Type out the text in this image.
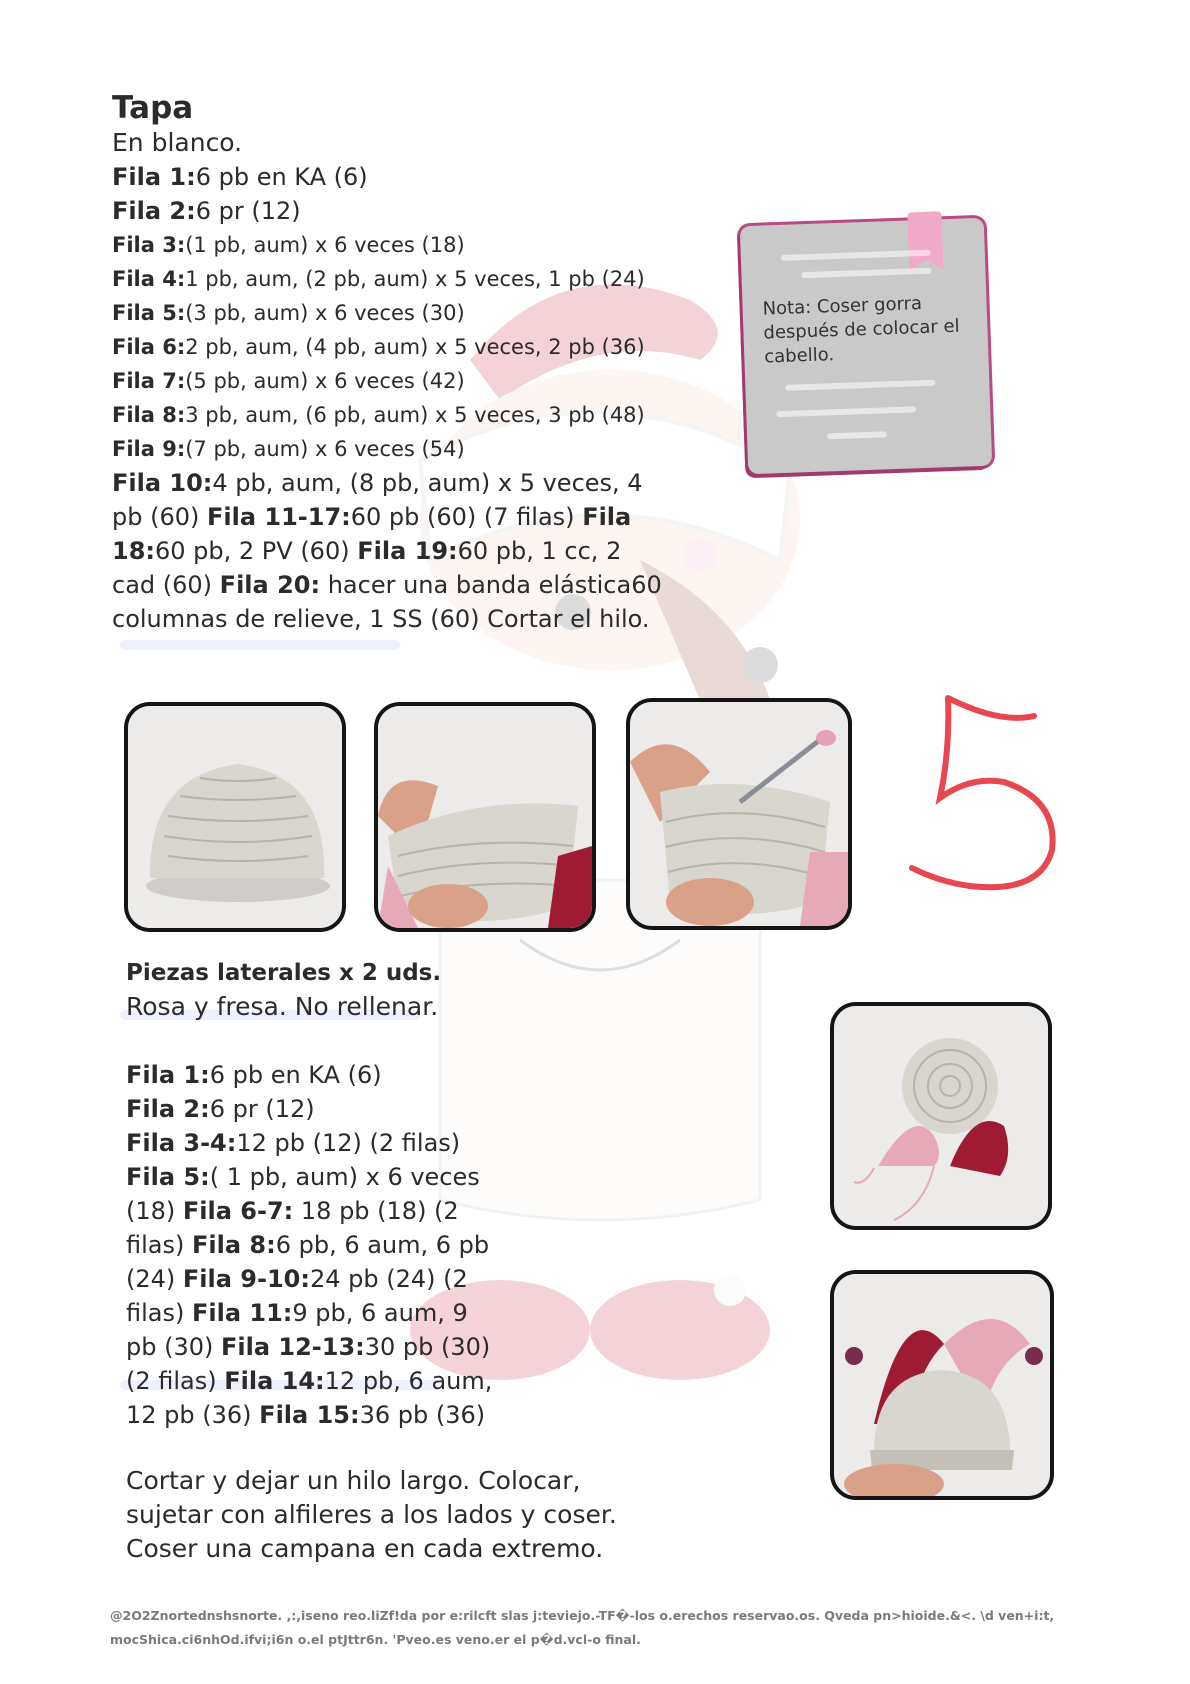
Tapa
En blanco.
Fila 1:6 pb en KA (6)
Fila 2:6 pr (12)
Fila 3:(1 pb, aum) x 6 veces (18)
Fila 4:1 pb, aum, (2 pb, aum) x 5 veces, 1 pb (24)
Fila 5:(3 pb, aum) x 6 veces (30)
Fila 6:2 pb, aum, (4 pb, aum) x 5 veces, 2 pb (36)
Fila 7:(5 pb, aum) x 6 veces (42)
Fila 8:3 pb, aum, (6 pb, aum) x 5 veces, 3 pb (48)
Fila 9:(7 pb, aum) x 6 veces (54)
Fila 10:4 pb, aum, (8 pb, aum) x 5 veces, 4 pb (60) Fila 11-17:60 pb (60) (7 filas) Fila 18:60 pb, 2 PV (60) Fila 19:60 pb, 1 cc, 2 cad (60) Fila 20: hacer una banda elástica60 columnas de relieve, 1 SS (60) Cortar el hilo.
Nota: Coser gorra después de colocar el cabello.
5
Piezas laterales x 2 uds.
Rosa y fresa. No rellenar.
Fila 1:6 pb en KA (6)
Fila 2:6 pr (12)
Fila 3-4:12 pb (12) (2 filas) Fila 5:( 1 pb, aum) x 6 veces (18) Fila 6-7: 18 pb (18) (2 filas) Fila 8:6 pb, 6 aum, 6 pb (24) Fila 9-10:24 pb (24) (2 filas) Fila 11:9 pb, 6 aum, 9 pb (30) Fila 12-13:30 pb (30) (2 filas) Fila 14:12 pb, 6 aum, 12 pb (36) Fila 15:36 pb (36)
Cortar y dejar un hilo largo. Colocar, sujetar con alfileres a los lados y coser. Coser una campana en cada extremo.
@2O2Znortednshsnorte. ,:,iseno reo.liZf!da por e:rilcft slas j:teviejo.-TF�-los o.erechos reservao.os. Qveda pn>hioide.&<. \d ven+i:t,
mocShica.ci6nhOd.ifvi;i6n o.el ptJttr6n. 'Pveo.es veno.er el p�d.vcl-o final.
